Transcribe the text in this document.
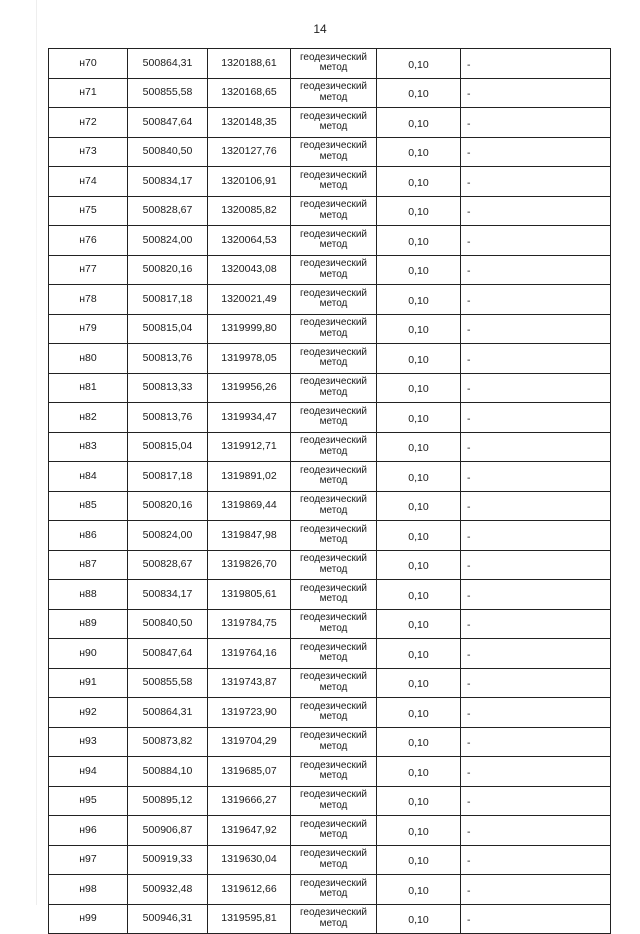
14
н70	500864,31	1320188,61	геодезический
метод	0,10	-
н71	500855,58	1320168,65	геодезический
метод	0,10	-
н72	500847,64	1320148,35	геодезический
метод	0,10	-
н73	500840,50	1320127,76	геодезический
метод	0,10	-
н74	500834,17	1320106,91	геодезический
метод	0,10	-
н75	500828,67	1320085,82	геодезический
метод	0,10	-
н76	500824,00	1320064,53	геодезический
метод	0,10	-
н77	500820,16	1320043,08	геодезический
метод	0,10	-
н78	500817,18	1320021,49	геодезический
метод	0,10	-
н79	500815,04	1319999,80	геодезический
метод	0,10	-
н80	500813,76	1319978,05	геодезический
метод	0,10	-
н81	500813,33	1319956,26	геодезический
метод	0,10	-
н82	500813,76	1319934,47	геодезический
метод	0,10	-
н83	500815,04	1319912,71	геодезический
метод	0,10	-
н84	500817,18	1319891,02	геодезический
метод	0,10	-
н85	500820,16	1319869,44	геодезический
метод	0,10	-
н86	500824,00	1319847,98	геодезический
метод	0,10	-
н87	500828,67	1319826,70	геодезический
метод	0,10	-
н88	500834,17	1319805,61	геодезический
метод	0,10	-
н89	500840,50	1319784,75	геодезический
метод	0,10	-
н90	500847,64	1319764,16	геодезический
метод	0,10	-
н91	500855,58	1319743,87	геодезический
метод	0,10	-
н92	500864,31	1319723,90	геодезический
метод	0,10	-
н93	500873,82	1319704,29	геодезический
метод	0,10	-
н94	500884,10	1319685,07	геодезический
метод	0,10	-
н95	500895,12	1319666,27	геодезический
метод	0,10	-
н96	500906,87	1319647,92	геодезический
метод	0,10	-
н97	500919,33	1319630,04	геодезический
метод	0,10	-
н98	500932,48	1319612,66	геодезический
метод	0,10	-
н99	500946,31	1319595,81	геодезический
метод	0,10	-
